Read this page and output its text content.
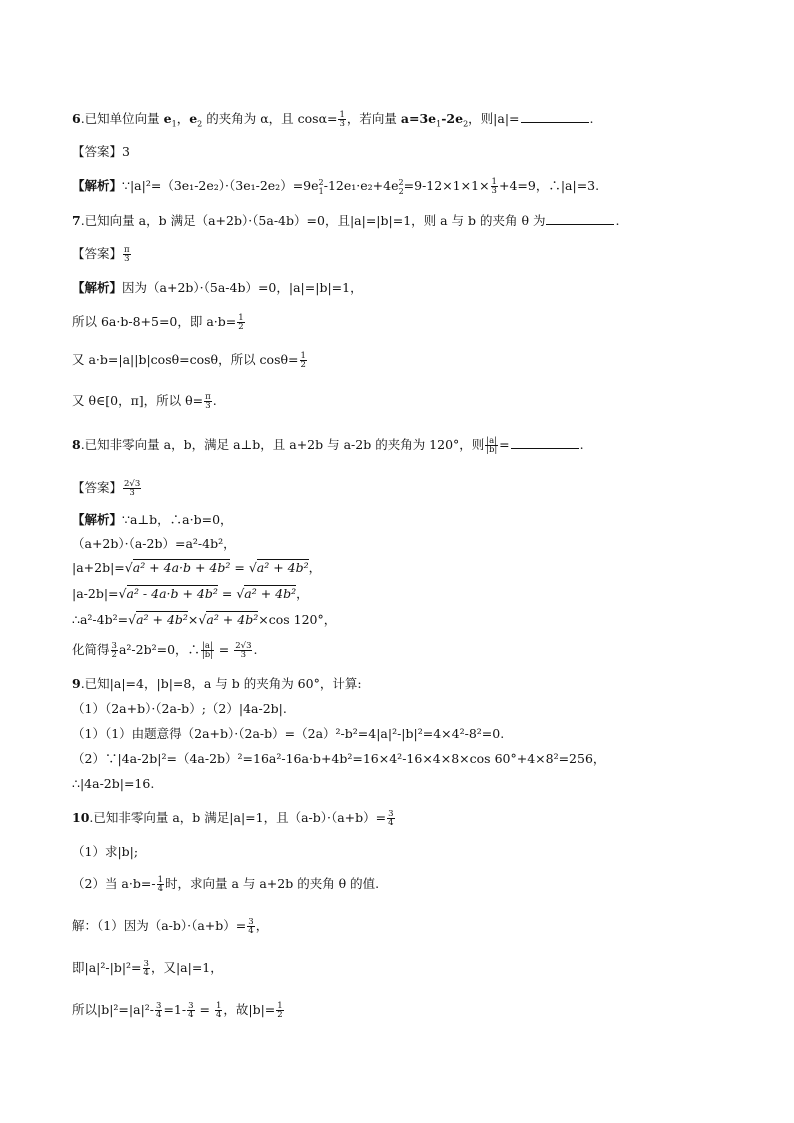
6.已知单位向量 $e_1$，$e_2$ 的夹角为 α，且 $\cos\alpha= \frac{1}{3}$ ，若向量 $a=3e_1-2e_2$，则|a|=	.
【答案】3
【解析】$\because|a|^2=(3e_1-2e_2)\cdot(3e_1-2e_2)=9e^2_1-12e_1\cdot e_2+4e^2_2=9-12\times 1\times 1\times \frac{1}{3} +4=9$，∴|a|=3.
7.已知向量 a，b 满足（a+2b）·（5a-4b）=0，且|a|=|b|=1，则 a 与 b 的夹角 θ 为	.
【答案】 $\frac{\pi}{3}$
【解析】因为（a+2b）·（5a-4b）=0，|a|=|b|=1，
所以 6a·b-8+5=0，即 $a\cdot b= \frac{1}{2}$
又 a·b=|a||b|cosθ=cosθ，所以 $\cos\theta= \frac{1}{2}$
又 θ∈[0，π]，所以 $\theta= \frac{\pi}{3}$ .
8.已知非零向量 a，b，满足 a⊥b，且 a+2b 与 a-2b 的夹角为 120°，则 $\frac{|a|}{|b|}$ =	.
【答案】 $\frac{2√3}{3}$
【解析】∵a⊥b，∴a·b=0，
（a+2b）·（a-2b）=a²-4b²，
|a+2b|=√a² + 4a·b + 4b² = √a² + 4b²，
|a-2b|=√a² - 4a·b + 4b² = √a² + 4b²，
∴a²-4b²=√a² + 4b²×√a² + 4b²×cos 120°，
化简得 $\frac{3}{2} a^2-2b^2=0$，∴ $\frac{|a|}{|b|} = \frac{2√3}{3}$ .
9.已知|a|=4，|b|=8，a 与 b 的夹角为 60°，计算:
（1）（2a+b）·（2a-b）;（2）|4a-2b|.
（1）（1）由题意得（2a+b）·（2a-b）=（2a）²-b²=4|a|²-|b|²=4×4²-8²=0.
（2）∵|4a-2b|²=（4a-2b）²=16a²-16a·b+4b²=16×4²-16×4×8×cos 60°+4×8²=256，
∴|4a-2b|=16.
10.已知非零向量 a，b 满足|a|=1，且$(a-b)\cdot(a+b)= \frac{3}{4}$
（1）求|b|;
（2）当 $a\cdot b=- \frac{1}{4}$ 时，求向量 a 与 a+2b 的夹角 θ 的值.
解：（1）因为$(a-b)\cdot(a+b)= \frac{3}{4}$ ，
即$|a|^2-|b|^2= \frac{3}{4}$ ，又|a|=1，
所以$|b|^2=|a|^2- \frac{3}{4} =1- \frac{3}{4} = \frac{1}{4}$ ，故$|b|= \frac{1}{2}$
